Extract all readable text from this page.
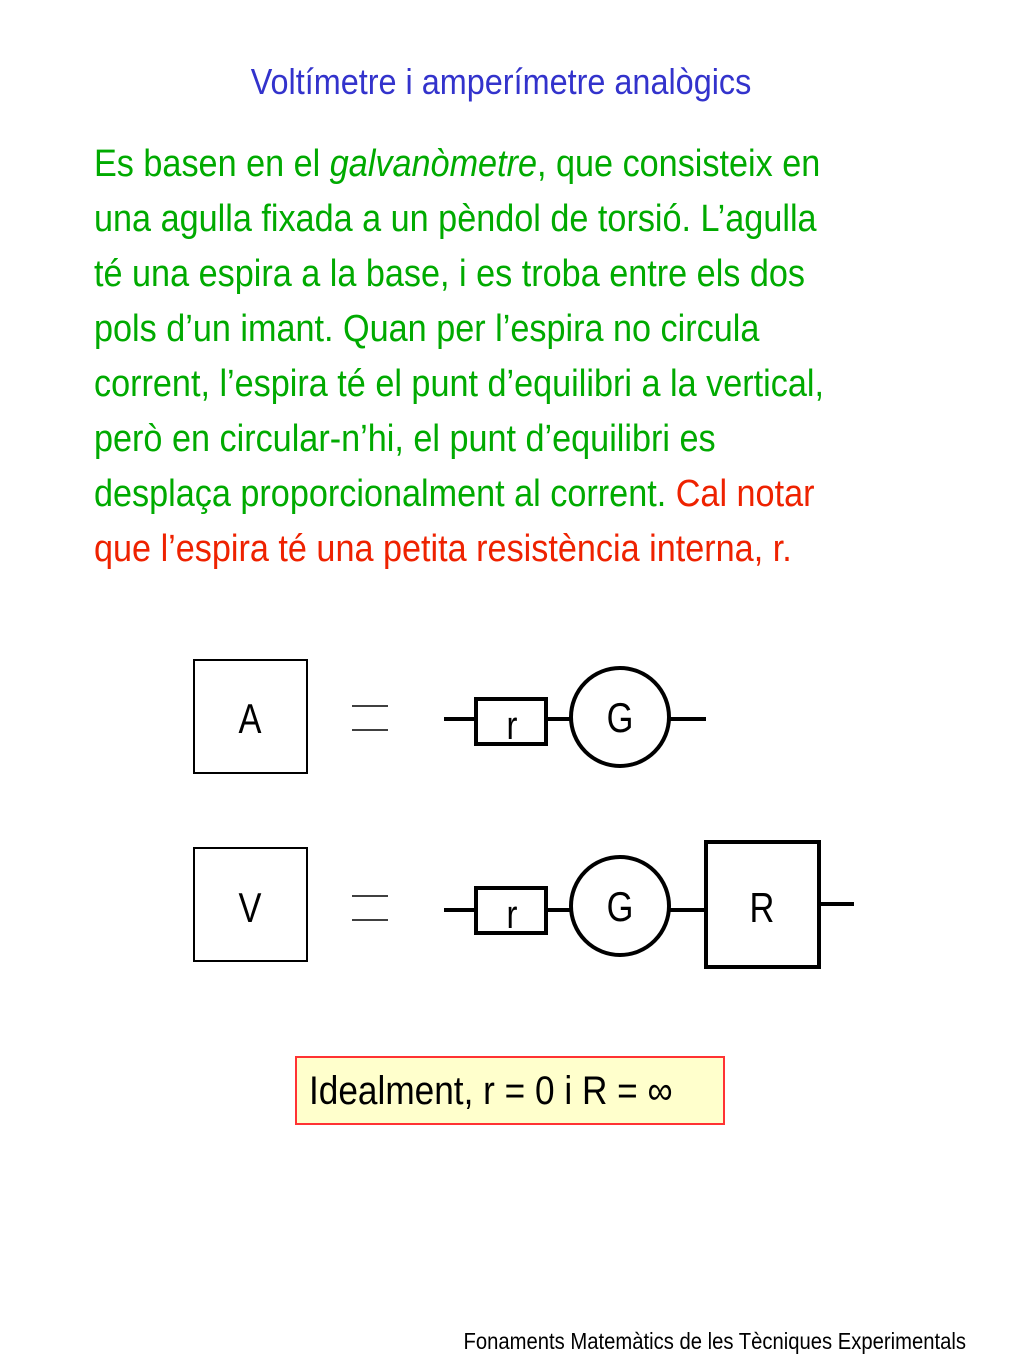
Voltímetre i amperímetre analògics
Es basen en el galvanòmetre, que consisteix en
una agulla fixada a un pèndol de torsió. L’agulla
té una espira a la base, i es troba entre els dos
pols d’un imant. Quan per l’espira no circula
corrent, l’espira té el punt d’equilibri a la vertical,
però en circular-n’hi, el punt d’equilibri es
desplaça proporcionalment al corrent. Cal notar
que l’espira té una petita resistència interna, r.
A	r G
V	r G	R
Idealment, r = 0 i R = ∞
Fonaments Matemàtics de les Tècniques Experimentals
